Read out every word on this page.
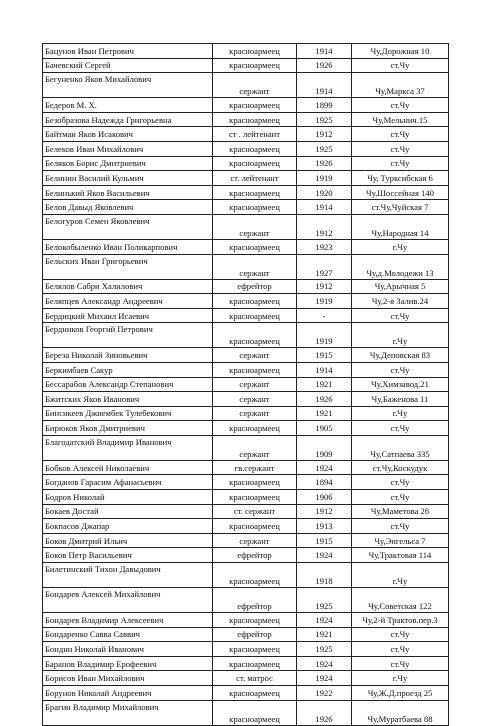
Бацунов Иван Петрович	красноармеец	1914	Чу,Дорожная 10
Бачевский Сергей	красноармеец	1926	ст.Чу
Бегуненко Яков Михайлович	сержант	1914	Чу,Маркса 37
Бедеров М. Х.	красноармеец	1899	ст.Чу
Безобразова Надежда Григорьевна	красноармеец	1925	Чу,Мельнич.15
Байтман Яков Исакович	ст . лейтенант	1912	ст.Чу
Белеков Иван Михайлович	красноармеец	1925	ст.Чу
Беляков Борис Дмитриевич	красноармеец	1926	ст.Чу
Белинин Василий Кульмич	ст. лейтенант	1919	Чу, Турксибская 6
Белинький Яков Васильевич	красноармеец	1920	Чу,Шоссейная 140
Белов Давыд Яковлевич	красноармеец	1914	ст.Чу,Чуйская 7
Белогуров Семен Яковлевич	сержант	1912	Чу,Народная 14
Белокобыленко Иван Поликарпович	красноармеец	1923	г.Чу
Бельских Иван Григорьевич	сержант	1927	Чу,д.Молодежи 13
Белялов Сабри Халилович	ефрейтор	1912	Чу,Арычная 5
Беляпцев Александр Андреевич	красноармеец	1919	Чу,2-я Залив.24
Бердицкий Михаил Исаевич	красноармеец	-	ст.Чу
Бердников Георгий Петрович	красноармеец	1919	г.Чу
Береза Николай Зиновьевич	сержант	1915	Чу,Деповская 83
Беркимбаев Сакур	красноармеец	1914	ст.Чу
Бессарабов Александр Степанович	сержант	1921	Чу,Химзавод.21
Бжитских Яков Иванович	сержант	1926	Чу,Баженова 11
Бинсикеев Джиембек Тулебекович	сержант	1921	г.Чу
Бирюков Яков Дмитриевич	красноармеец	1905	ст.Чу
Благодатский Владимир Иванович	сержант	1909	Чу,Сатпаева 335
Бобков Алексей Николаевич	гв.сержант	1924	ст.Чу,Коскудук
Богданов Гарасим Афанасьевич	красноармеец	1894	ст.Чу
Бодров Николай	красноармеец	1906	ст.Чу
Бокаев Достай	ст. сержант	1912	Чу,Маметова 26
Бокпасов Джапар	красноармеец	1913	ст.Чу
Боков Дмитрий Ильич	сержант	1915	Чу,Энгельса 7
Боков Петр Васильевич	ефрейтор	1924	Чу,Трактовая 114
Билетинский Тихон Давыдович	красноармеец	1918	г.Чу
Бондарев Алексей Михайлович	ефрейтор	1925	Чу,Советская 122
Бондарев Владимир Алексеевич	красноармеец	1924	Чу,2-й Трактов.пер.3
Бондаренко Савва Саввич	ефрейтор	1921	ст.Чу
Бондин Николай Иванович	красноармеец	1925	ст.Чу
Баранов Владимир Ерофеевич	красноармеец	1924	ст.Чу
Борисов Иван Михайлович	ст. матрос	1924	г.Чу
Борунов Николай Андреевич	красноармеец	1922	Чу,Ж.Д.проезд 25
Брагин Владимир Михайлович	красноармеец	1926	Чу,Муратбаева 88
